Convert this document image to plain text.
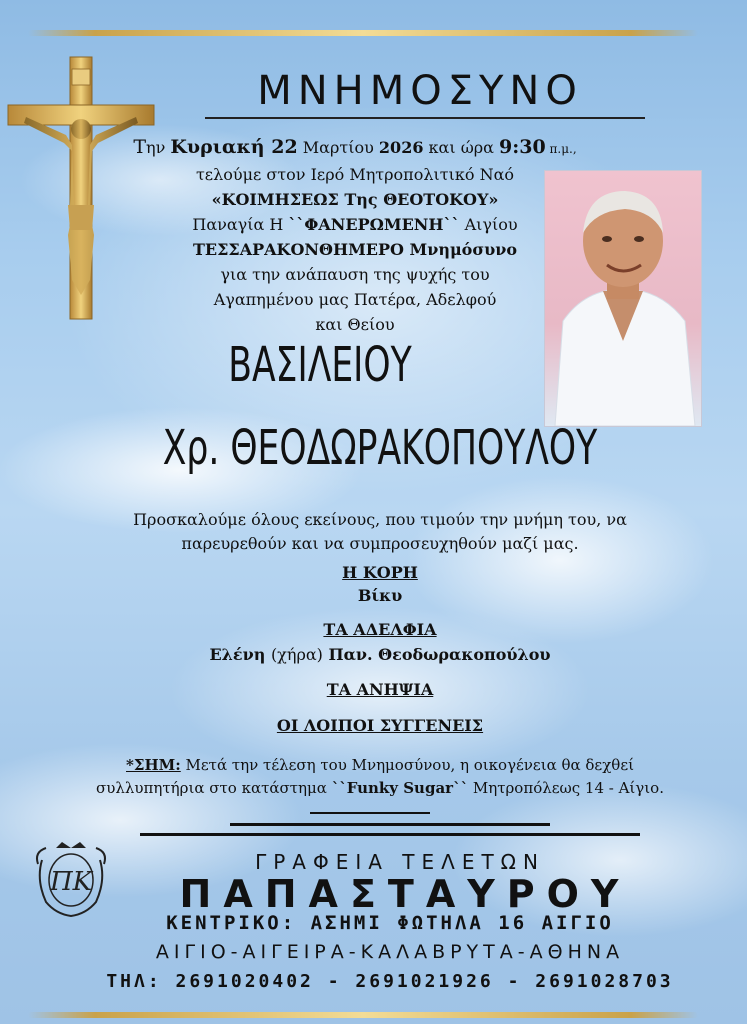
ΜΝΗΜΟΣΥΝΟ
Την Κυριακή 22 Μαρτίου 2026 και ώρα 9:30 π.μ.,
τελούμε στον Ιερό Μητροπολιτικό Ναό
«ΚΟΙΜΗΣΕΩΣ Της ΘΕΟΤΟΚΟΥ»
Παναγία Η ``ΦΑΝΕΡΩΜΕΝΗ`` Αιγίου
ΤΕΣΣΑΡΑΚΟΝΘΗΜΕΡΟ Μνημόσυνο
για την ανάπαυση της ψυχής του
Αγαπημένου μας Πατέρα, Αδελφού
και Θείου
ΒΑΣΙΛΕΙΟΥ
Χρ. ΘΕΟΔΩΡΑΚΟΠΟΥΛΟΥ
Προσκαλούμε όλους εκείνους, που τιμούν την μνήμη του, να
παρευρεθούν και να συμπροσευχηθούν μαζί μας.
Η ΚΟΡΗ
Βίκυ
ΤΑ ΑΔΕΛΦΙΑ
Ελένη (χήρα) Παν. Θεοδωρακοπούλου
ΤΑ ΑΝΗΨΙΑ
ΟΙ ΛΟΙΠΟΙ ΣΥΓΓΕΝΕΙΣ
*ΣΗΜ: Μετά την τέλεση του Μνημοσύνου, η οικογένεια θα δεχθεί
συλλυπητήρια στο κατάστημα ``Funky Sugar`` Μητροπόλεως 14 - Αίγιο.
ΠΚ
ΓΡΑΦΕΙΑ ΤΕΛΕΤΩΝ
ΠΑΠΑΣΤΑΥΡΟΥ
ΚΕΝΤΡΙΚΟ: ΑΣΗΜΙ ΦΩΤΗΛΑ 16 ΑΙΓΙΟ
ΑΙΓΙΟ-ΑΙΓΕΙΡΑ-ΚΑΛΑΒΡΥΤΑ-ΑΘΗΝΑ
ΤΗΛ: 2691020402 - 2691021926 - 2691028703
